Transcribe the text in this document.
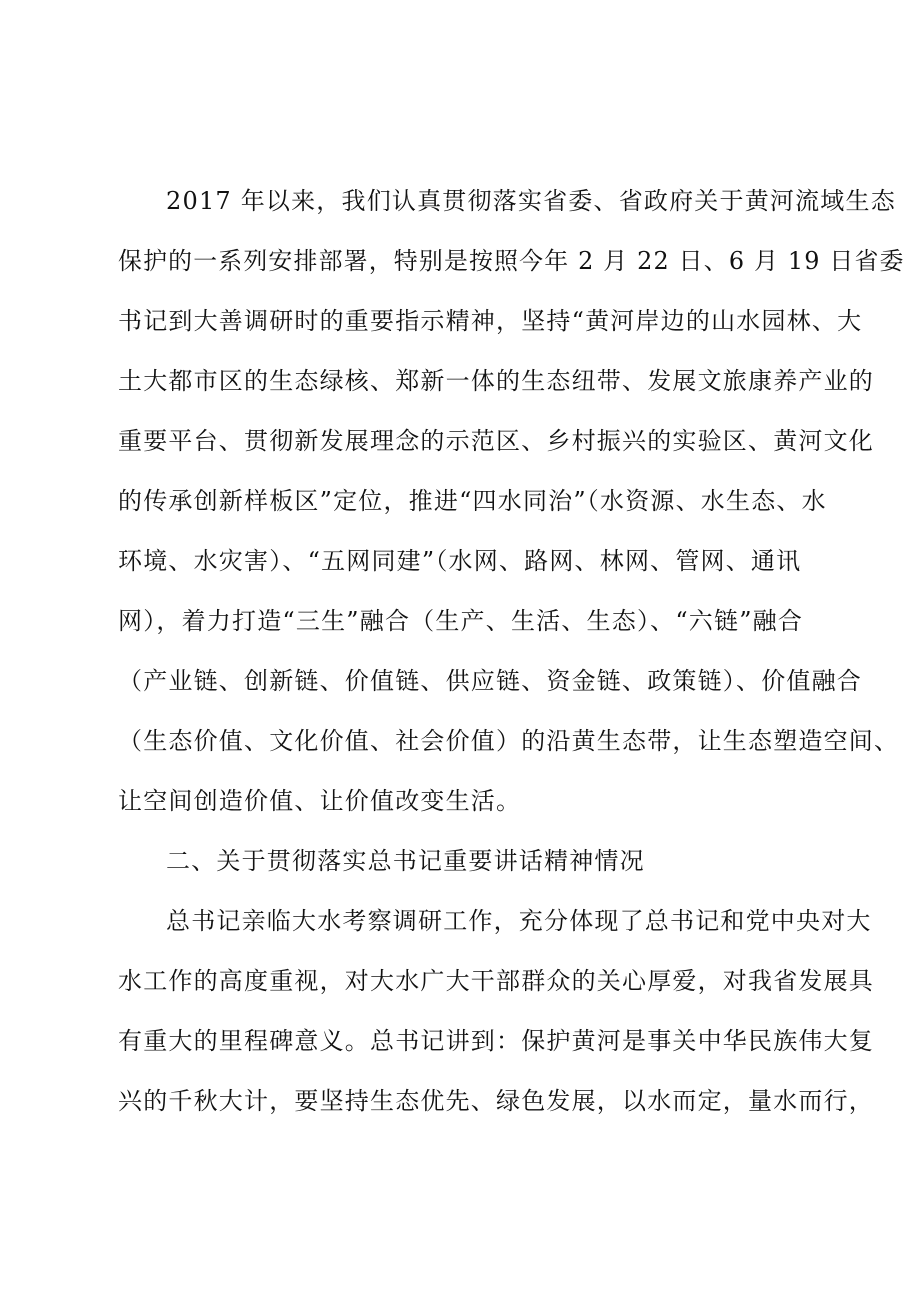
2017 年以来，我们认真贯彻落实省委、省政府关于黄河流域生态
保护的一系列安排部署，特别是按照今年 2 月 22 日、6 月 19 日省委
书记到大善调研时的重要指示精神，坚持“黄河岸边的山水园林、大
土大都市区的生态绿核、郑新一体的生态纽带、发展文旅康养产业的
重要平台、贯彻新发展理念的示范区、乡村振兴的实验区、黄河文化
的传承创新样板区”定位，推进“四水同治”（水资源、水生态、水
环境、水灾害）、“五网同建”（水网、路网、林网、管网、通讯
网），着力打造“三生”融合（生产、生活、生态）、“六链”融合
（产业链、创新链、价值链、供应链、资金链、政策链）、价值融合
（生态价值、文化价值、社会价值）的沿黄生态带，让生态塑造空间、
让空间创造价值、让价值改变生活。
二、关于贯彻落实总书记重要讲话精神情况
总书记亲临大水考察调研工作，充分体现了总书记和党中央对大
水工作的高度重视，对大水广大干部群众的关心厚爱，对我省发展具
有重大的里程碑意义。总书记讲到：保护黄河是事关中华民族伟大复
兴的千秋大计，要坚持生态优先、绿色发展，以水而定，量水而行，
